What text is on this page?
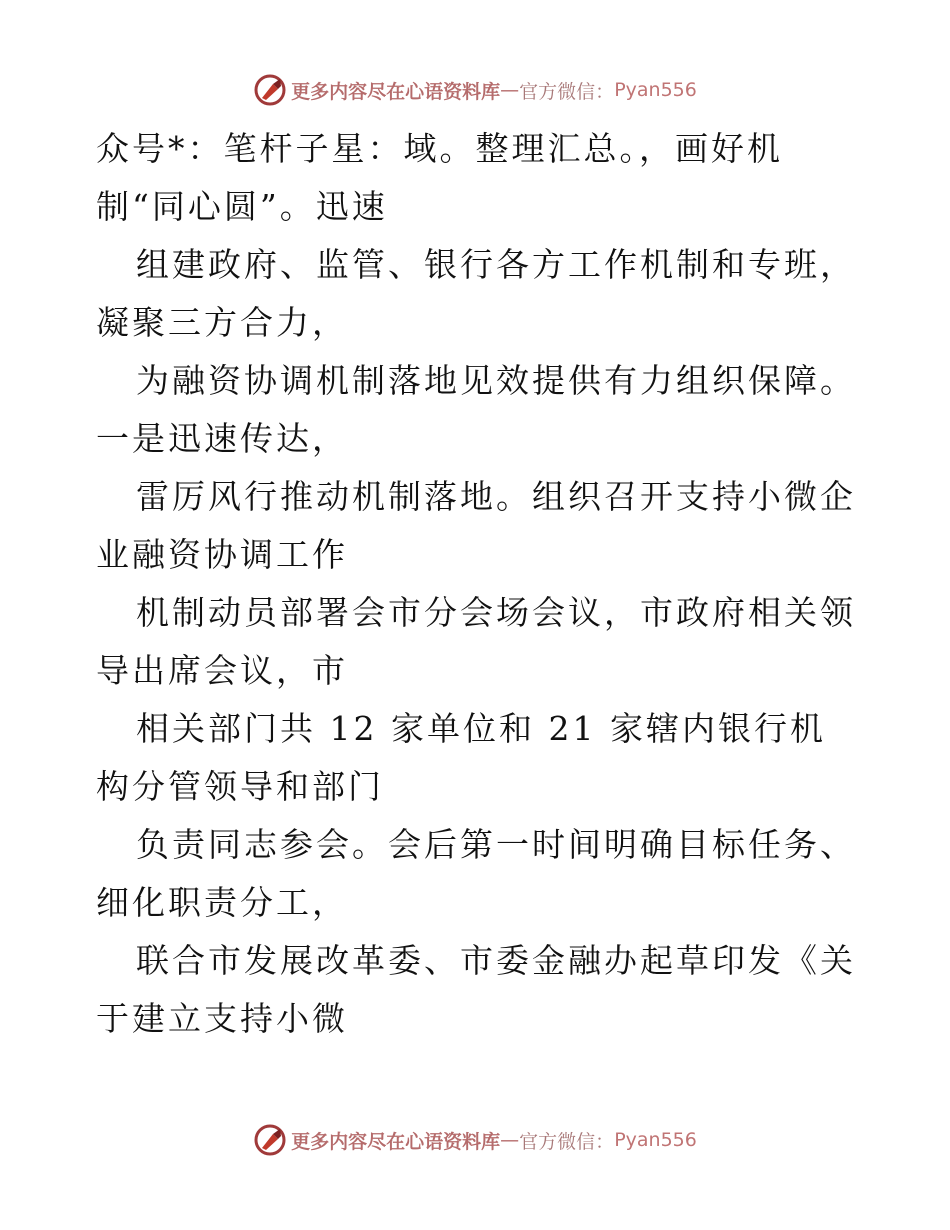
更多内容尽在心语资料库 — 官方微信： Pyan556

众号*：笔杆子星：域。整理汇总。，画好机制“同心圆”。迅速

组建政府、监管、银行各方工作机制和专班，凝聚三方合力，

为融资协调机制落地见效提供有力组织保障。一是迅速传达，

雷厉风行推动机制落地。组织召开支持小微企业融资协调工作

机制动员部署会市分会场会议，市政府相关领导出席会议，市

相关部门共 12 家单位和 21 家辖内银行机构分管领导和部门

负责同志参会。会后第一时间明确目标任务、细化职责分工，

联合市发展改革委、市委金融办起草印发《关于建立支持小微

更多内容尽在心语资料库 — 官方微信： Pyan556
